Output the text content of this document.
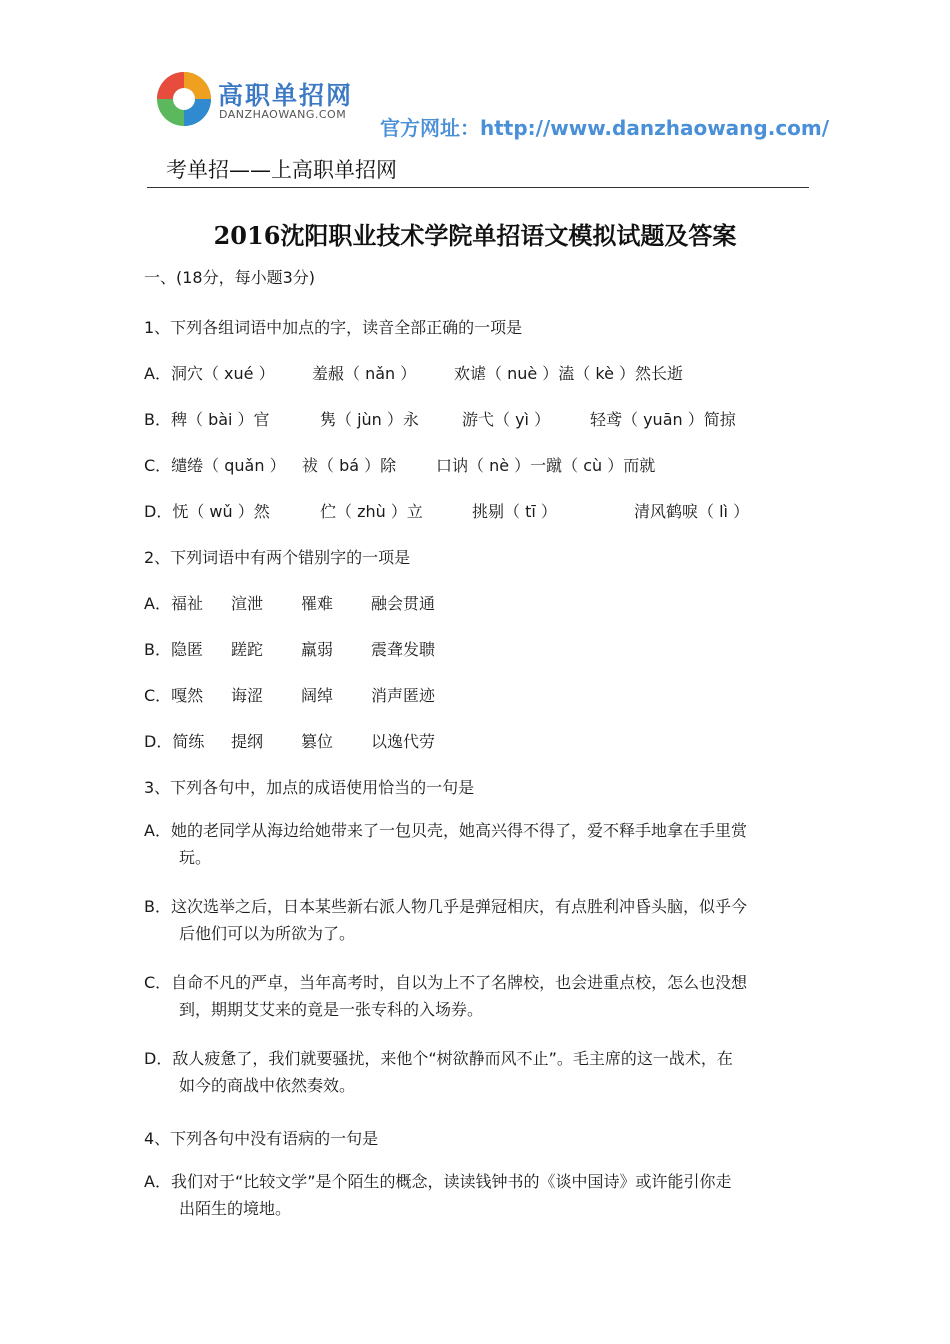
高职单招网
DANZHAOWANG.COM
官方网址：http://www.danzhaowang.com/
考单招——上高职单招网
2016沈阳职业技术学院单招语文模拟试题及答案
一、(18分，每小题3分)
1、下列各组词语中加点的字，读音全部正确的一项是
A．洞穴（ xué ） 羞赧（ nǎn ） 欢谑（ nuè ）溘（ kè ）然长逝
B．稗（ bài ）官	隽（ jùn ）永	游弋（ yì ） 轻鸢（ yuān ）简掠
C．缱绻（ quǎn ） 祓（ bá ）除 口讷（ nè ）一蹴（ cù ）而就
D．怃（ wǔ ）然	伫（ zhù ）立	挑剔（ tī ）	清风鹤唳（ lì ）
2、下列词语中有两个错别字的一项是
A．福祉 渲泄 罹难 融会贯通
B．隐匿 蹉跎 羸弱 震聋发聩
C．嘎然 诲涩 阔绰 消声匿迹
D．简练 提纲 篡位 以逸代劳
3、下列各句中，加点的成语使用恰当的一句是
A．她的老同学从海边给她带来了一包贝壳，她高兴得不得了，爱不释手地拿在手里赏
玩。
B．这次选举之后，日本某些新右派人物几乎是弹冠相庆，有点胜利冲昏头脑，似乎今
后他们可以为所欲为了。
C．自命不凡的严卓，当年高考时，自以为上不了名牌校，也会进重点校，怎么也没想
到，期期艾艾来的竟是一张专科的入场券。
D．敌人疲惫了，我们就要骚扰，来他个“树欲静而风不止”。毛主席的这一战术，在
如今的商战中依然奏效。
4、下列各句中没有语病的一句是
A．我们对于“比较文学”是个陌生的概念，读读钱钟书的《谈中国诗》或许能引你走
出陌生的境地。
